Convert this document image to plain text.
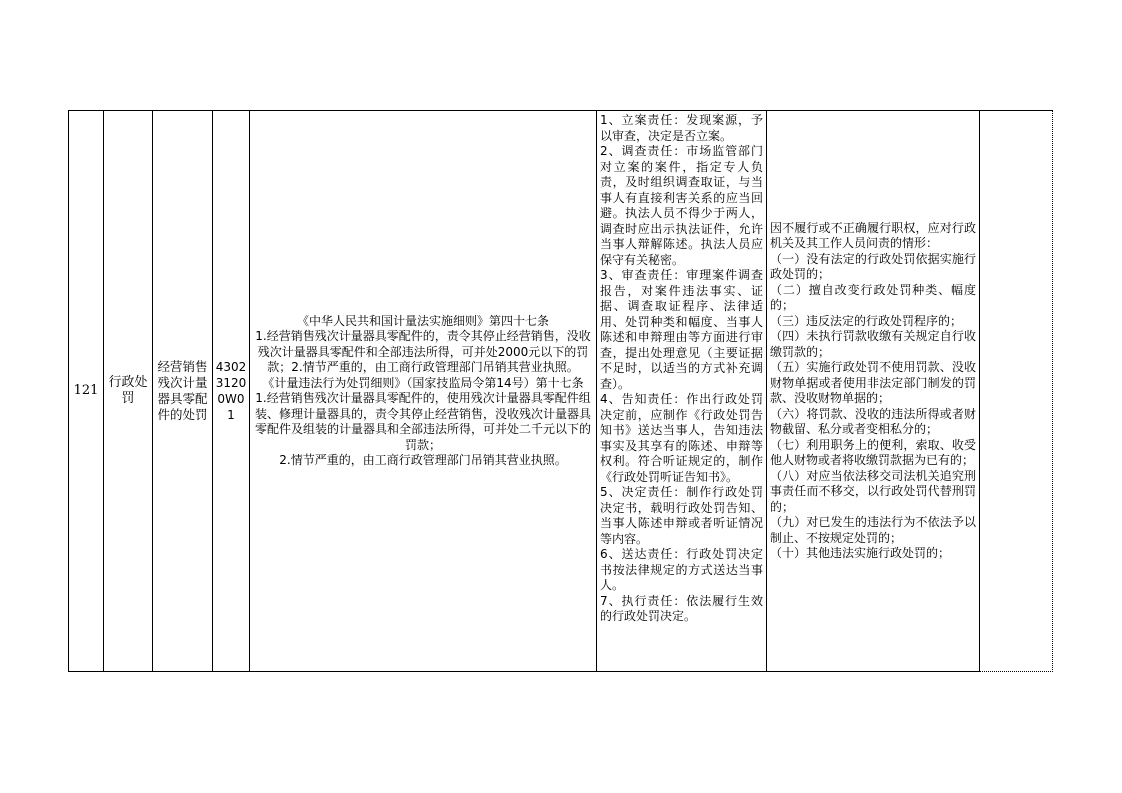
121
行政处罚
经营销售残次计量器具零配件的处罚
43023120 0W01
《中华人民共和国计量法实施细则》第四十七条
1.经营销售残次计量器具零配件的，责令其停止经营销售，没收残次计量器具零配件和全部违法所得，可并处2000元以下的罚款；2.情节严重的，由工商行政管理部门吊销其营业执照。
《计量违法行为处罚细则》（国家技监局令第14号）第十七条
1.经营销售残次计量器具零配件的，使用残次计量器具零配件组装、修理计量器具的，责令其停止经营销售，没收残次计量器具零配件及组装的计量器具和全部违法所得，可并处二千元以下的罚款；
2.情节严重的，由工商行政管理部门吊销其营业执照。
1、立案责任：发现案源，予以审查，决定是否立案。
2、调查责任：市场监管部门对立案的案件，指定专人负责，及时组织调查取证，与当事人有直接利害关系的应当回避。执法人员不得少于两人，调查时应出示执法证件，允许当事人辩解陈述。执法人员应保守有关秘密。
3、审查责任：审理案件调查报告，对案件违法事实、证据、调查取证程序、法律适用、处罚种类和幅度、当事人陈述和申辩理由等方面进行审查，提出处理意见（主要证据不足时，以适当的方式补充调查）。
4、告知责任：作出行政处罚决定前，应制作《行政处罚告知书》送达当事人，告知违法事实及其享有的陈述、申辩等权利。符合听证规定的，制作《行政处罚听证告知书》。
5、决定责任：制作行政处罚决定书，载明行政处罚告知、当事人陈述申辩或者听证情况等内容。
6、送达责任：行政处罚决定书按法律规定的方式送达当事人。
7、执行责任：依法履行生效的行政处罚决定。
因不履行或不正确履行职权，应对行政机关及其工作人员问责的情形：
（一）没有法定的行政处罚依据实施行政处罚的；
（二）擅自改变行政处罚种类、幅度的；
（三）违反法定的行政处罚程序的；
（四）未执行罚款收缴有关规定自行收缴罚款的；
（五）实施行政处罚不使用罚款、没收财物单据或者使用非法定部门制发的罚款、没收财物单据的；
（六）将罚款、没收的违法所得或者财物截留、私分或者变相私分的；
（七）利用职务上的便利，索取、收受他人财物或者将收缴罚款据为已有的；
（八）对应当依法移交司法机关追究刑事责任而不移交，以行政处罚代替刑罚的；
（九）对已发生的违法行为不依法予以制止、不按规定处罚的；
（十）其他违法实施行政处罚的；
